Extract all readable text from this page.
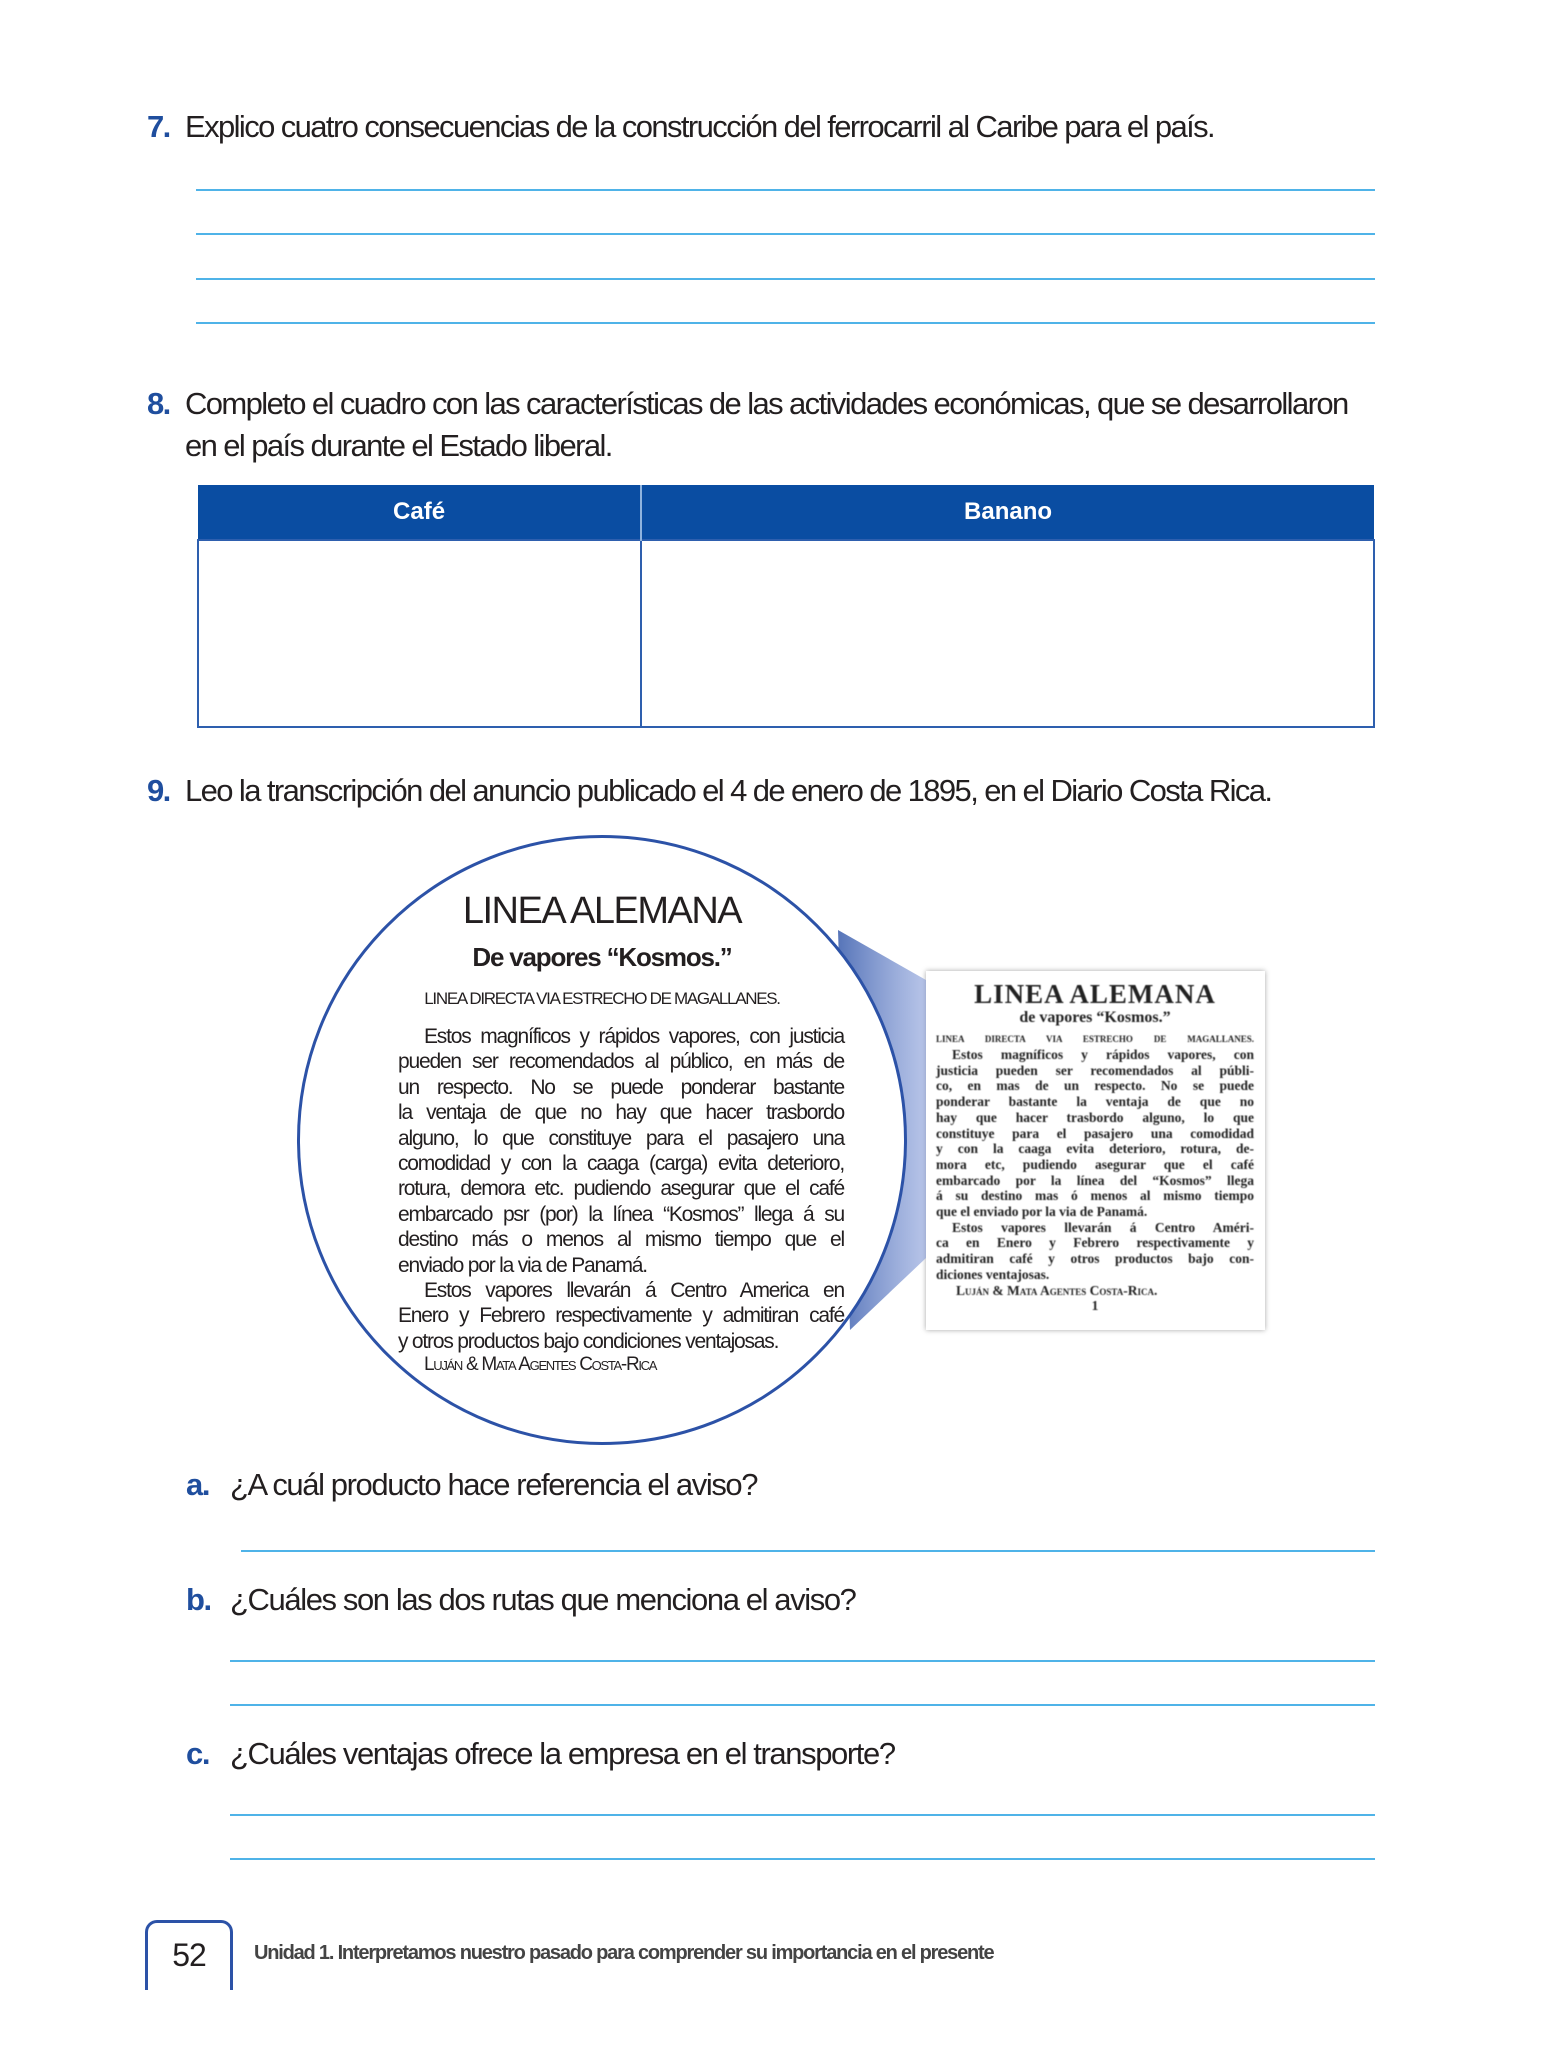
7. Explico cuatro consecuencias de la construcción del ferrocarril al Caribe para el país.
8. Completo el cuadro con las características de las actividades económicas, que se desarrollaron
en el país durante el Estado liberal.
Café	Banano

9. Leo la transcripción del anuncio publicado el 4 de enero de 1895, en el Diario Costa Rica.
LINEA ALEMANA
de vapores “Kosmos.”
LINEA DIRECTA VIA ESTRECHO DE MAGALLANES.
Estos magníficos y rápidos vapores, con
justicia pueden ser recomendados al públi-
co, en mas de un respecto. No se puede
ponderar bastante la ventaja de que no
hay que hacer trasbordo alguno, lo que
constituye para el pasajero una comodidad
y con la caaga evita deterioro, rotura, de-
mora etc, pudiendo asegurar que el café
embarcado por la línea del “Kosmos” llega
á su destino mas ó menos al mismo tiempo
que el enviado por la via de Panamá.
Estos vapores llevarán á Centro Améri-
ca en Enero y Febrero respectivamente y
admitiran café y otros productos bajo con-
diciones ventajosas.
Luján & Mata Agentes Costa-Rica.
1
LINEA ALEMANA
De vapores “Kosmos.”
LINEA DIRECTA VIA ESTRECHO DE MAGALLANES.
Estos magníficos y rápidos vapores, con justicia
pueden ser recomendados al público, en más de
un respecto. No se puede ponderar bastante
la ventaja de que no hay que hacer trasbordo
alguno, lo que constituye para el pasajero una
comodidad y con la caaga (carga) evita deterioro,
rotura, demora etc. pudiendo asegurar que el café
embarcado psr (por) la línea “Kosmos” llega á su
destino más o menos al mismo tiempo que el
enviado por la via de Panamá.
Estos vapores llevarán á Centro America en
Enero y Febrero respectivamente y admitiran café
y otros productos bajo condiciones ventajosas.
Luján & Mata Agentes Costa-Rica
a. ¿A cuál producto hace referencia el aviso?
b. ¿Cuáles son las dos rutas que menciona el aviso?
c. ¿Cuáles ventajas ofrece la empresa en el transporte?
52	Unidad 1. Interpretamos nuestro pasado para comprender su importancia en el presente
